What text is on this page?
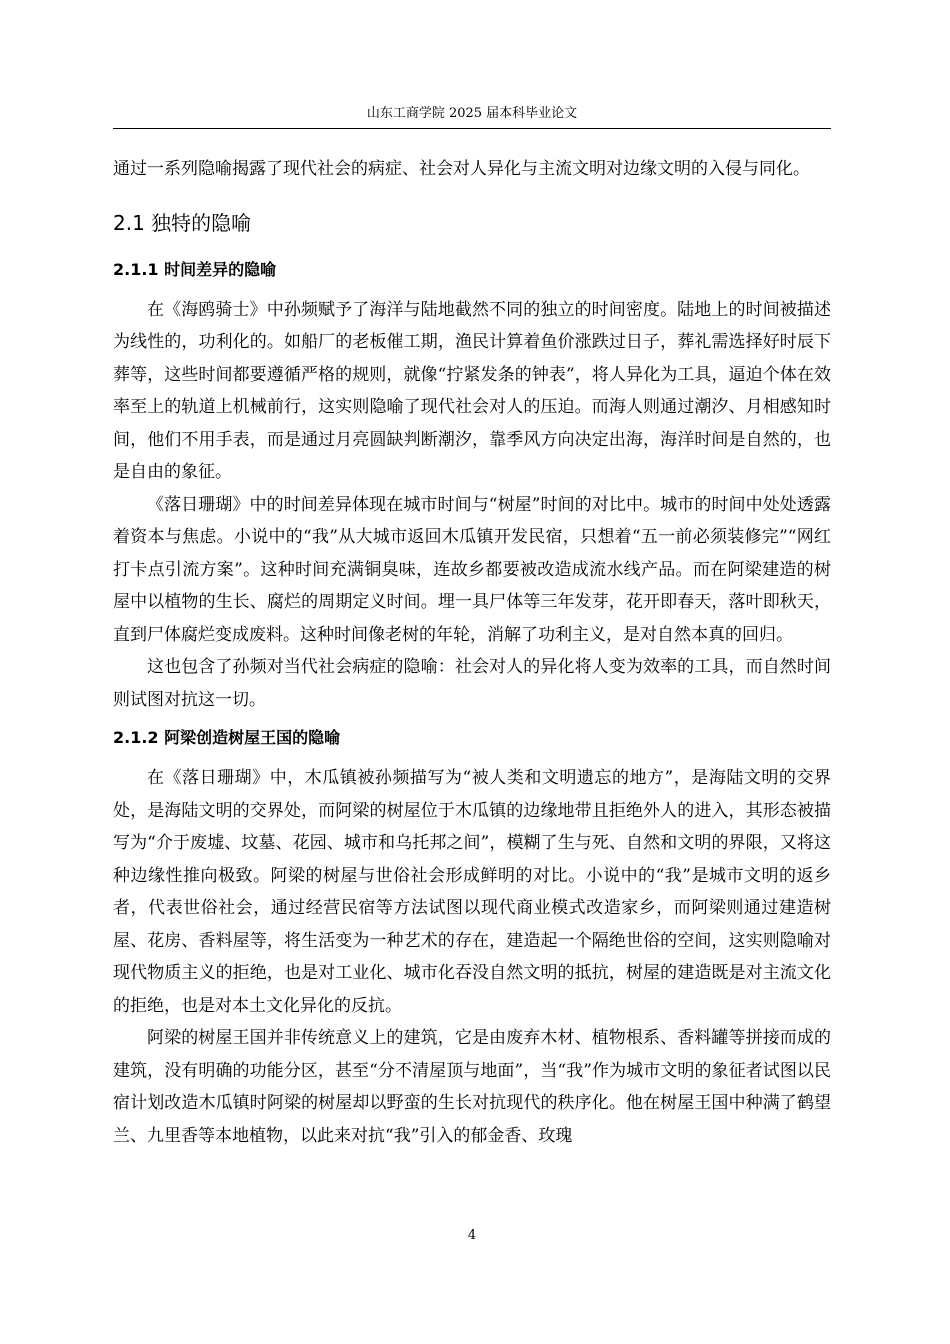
山东工商学院 2025 届本科毕业论文

通过一系列隐喻揭露了现代社会的病症、社会对人异化与主流文明对边缘文明的入侵与同化。

2.1 独特的隐喻
2.1.1 时间差异的隐喻

在《海鸥骑士》中孙频赋予了海洋与陆地截然不同的独立的时间密度。陆地上的时间被描述为线性的，功利化的。如船厂的老板催工期，渔民计算着鱼价涨跌过日子，葬礼需选择好时辰下葬等，这些时间都要遵循严格的规则，就像“拧紧发条的钟表”，将人异化为工具，逼迫个体在效率至上的轨道上机械前行，这实则隐喻了现代社会对人的压迫。而海人则通过潮汐、月相感知时间，他们不用手表，而是通过月亮圆缺判断潮汐，靠季风方向决定出海，海洋时间是自然的，也是自由的象征。

《落日珊瑚》中的时间差异体现在城市时间与“树屋”时间的对比中。城市的时间中处处透露着资本与焦虑。小说中的“我”从大城市返回木瓜镇开发民宿，只想着“五一前必须装修完”“网红打卡点引流方案”。这种时间充满铜臭味，连故乡都要被改造成流水线产品。而在阿梁建造的树屋中以植物的生长、腐烂的周期定义时间。埋一具尸体等三年发芽，花开即春天，落叶即秋天，直到尸体腐烂变成废料。这种时间像老树的年轮，消解了功利主义，是对自然本真的回归。

这也包含了孙频对当代社会病症的隐喻：社会对人的异化将人变为效率的工具，而自然时间则试图对抗这一切。

2.1.2 阿梁创造树屋王国的隐喻

在《落日珊瑚》中，木瓜镇被孙频描写为“被人类和文明遗忘的地方”，是海陆文明的交界处，是海陆文明的交界处，而阿梁的树屋位于木瓜镇的边缘地带且拒绝外人的进入，其形态被描写为“介于废墟、坟墓、花园、城市和乌托邦之间”，模糊了生与死、自然和文明的界限，又将这种边缘性推向极致。阿梁的树屋与世俗社会形成鲜明的对比。小说中的“我”是城市文明的返乡者，代表世俗社会，通过经营民宿等方法试图以现代商业模式改造家乡，而阿梁则通过建造树屋、花房、香料屋等，将生活变为一种艺术的存在，建造起一个隔绝世俗的空间，这实则隐喻对现代物质主义的拒绝，也是对工业化、城市化吞没自然文明的抵抗，树屋的建造既是对主流文化的拒绝，也是对本土文化异化的反抗。

阿梁的树屋王国并非传统意义上的建筑，它是由废弃木材、植物根系、香料罐等拼接而成的建筑，没有明确的功能分区，甚至“分不清屋顶与地面”，当“我”作为城市文明的象征者试图以民宿计划改造木瓜镇时阿梁的树屋却以野蛮的生长对抗现代的秩序化。他在树屋王国中种满了鹤望兰、九里香等本地植物，以此来对抗“我”引入的郁金香、玫瑰

4
